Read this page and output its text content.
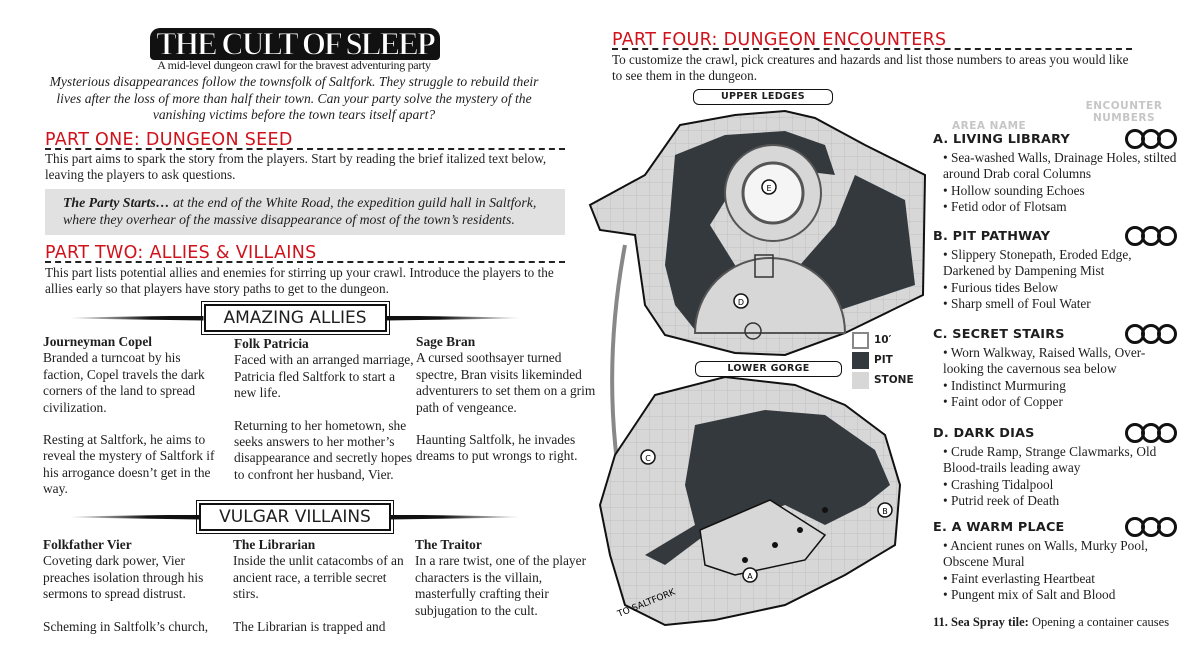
THE CULT OF SLEEP
A mid-level dungeon crawl for the bravest adventuring party
Mysterious disappearances follow the townsfolk of Saltfork. They struggle to rebuild their lives after the loss of more than half their town. Can your party solve the mystery of the vanishing victims before the town tears itself apart?
PART ONE: DUNGEON SEED
This part aims to spark the story from the players. Start by reading the brief italized text below, leaving the players to ask questions.
The Party Starts… at the end of the White Road, the expedition guild hall in Saltfork, where they overhear of the massive disappearance of most of the town’s residents.
PART TWO: ALLIES & VILLAINS
This part lists potential allies and enemies for stirring up your crawl. Introduce the players to the allies early so that players have story paths to get to the dungeon.
AMAZING ALLIES
Journeyman Copel

Branded a turncoat by his faction, Copel travels the dark corners of the land to spread civilization.

Resting at Saltfork, he aims to reveal the mystery of Saltfork if his arrogance doesn’t get in the way.

Folk Patricia

Faced with an arranged marriage, Patricia fled Saltfork to start a new life.

Returning to her hometown, she seeks answers to her mother’s disappearance and secretly hopes to confront her husband, Vier.

Sage Bran

A cursed soothsayer turned spectre, Bran visits likeminded adventurers to set them on a grim path of vengeance.

Haunting Saltfolk, he invades dreams to put wrongs to right.

VULGAR VILLAINS
Folkfather Vier

Coveting dark power, Vier preaches isolation through his sermons to spread distrust.

Scheming in Saltfolk’s church,

The Librarian

Inside the unlit catacombs of an ancient race, a terrible secret stirs.

The Librarian is trapped and

The Traitor

In a rare twist, one of the player characters is the villain, masterfully crafting their subjugation to the cult.

PART FOUR: DUNGEON ENCOUNTERS
To customize the crawl, pick creatures and hazards and list those numbers to areas you would like to see them in the dungeon.
UPPER LEDGES
LOWER GORGE
E
D
A
B
C
TO SALTFORK
10′
PIT
STONE
AREA NAME
ENCOUNTER
NUMBERS
A. LIVING LIBRARY
• Sea-washed Walls, Drainage Holes, stilted around Drab coral Columns
• Hollow sounding Echoes
• Fetid odor of Flotsam
B. PIT PATHWAY
• Slippery Stonepath, Eroded Edge, Darkened by Dampening Mist
• Furious tides Below
• Sharp smell of Foul Water
C. SECRET STAIRS
• Worn Walkway, Raised Walls, Over-looking the cavernous sea below
• Indistinct Murmuring
• Faint odor of Copper
D. DARK DIAS
• Crude Ramp, Strange Clawmarks, Old Blood-trails leading away
• Crashing Tidalpool
• Putrid reek of Death
E. A WARM PLACE
• Ancient runes on Walls, Murky Pool, Obscene Mural
• Faint everlasting Heartbeat
• Pungent mix of Salt and Blood
11. Sea Spray tile: Opening a container causes
